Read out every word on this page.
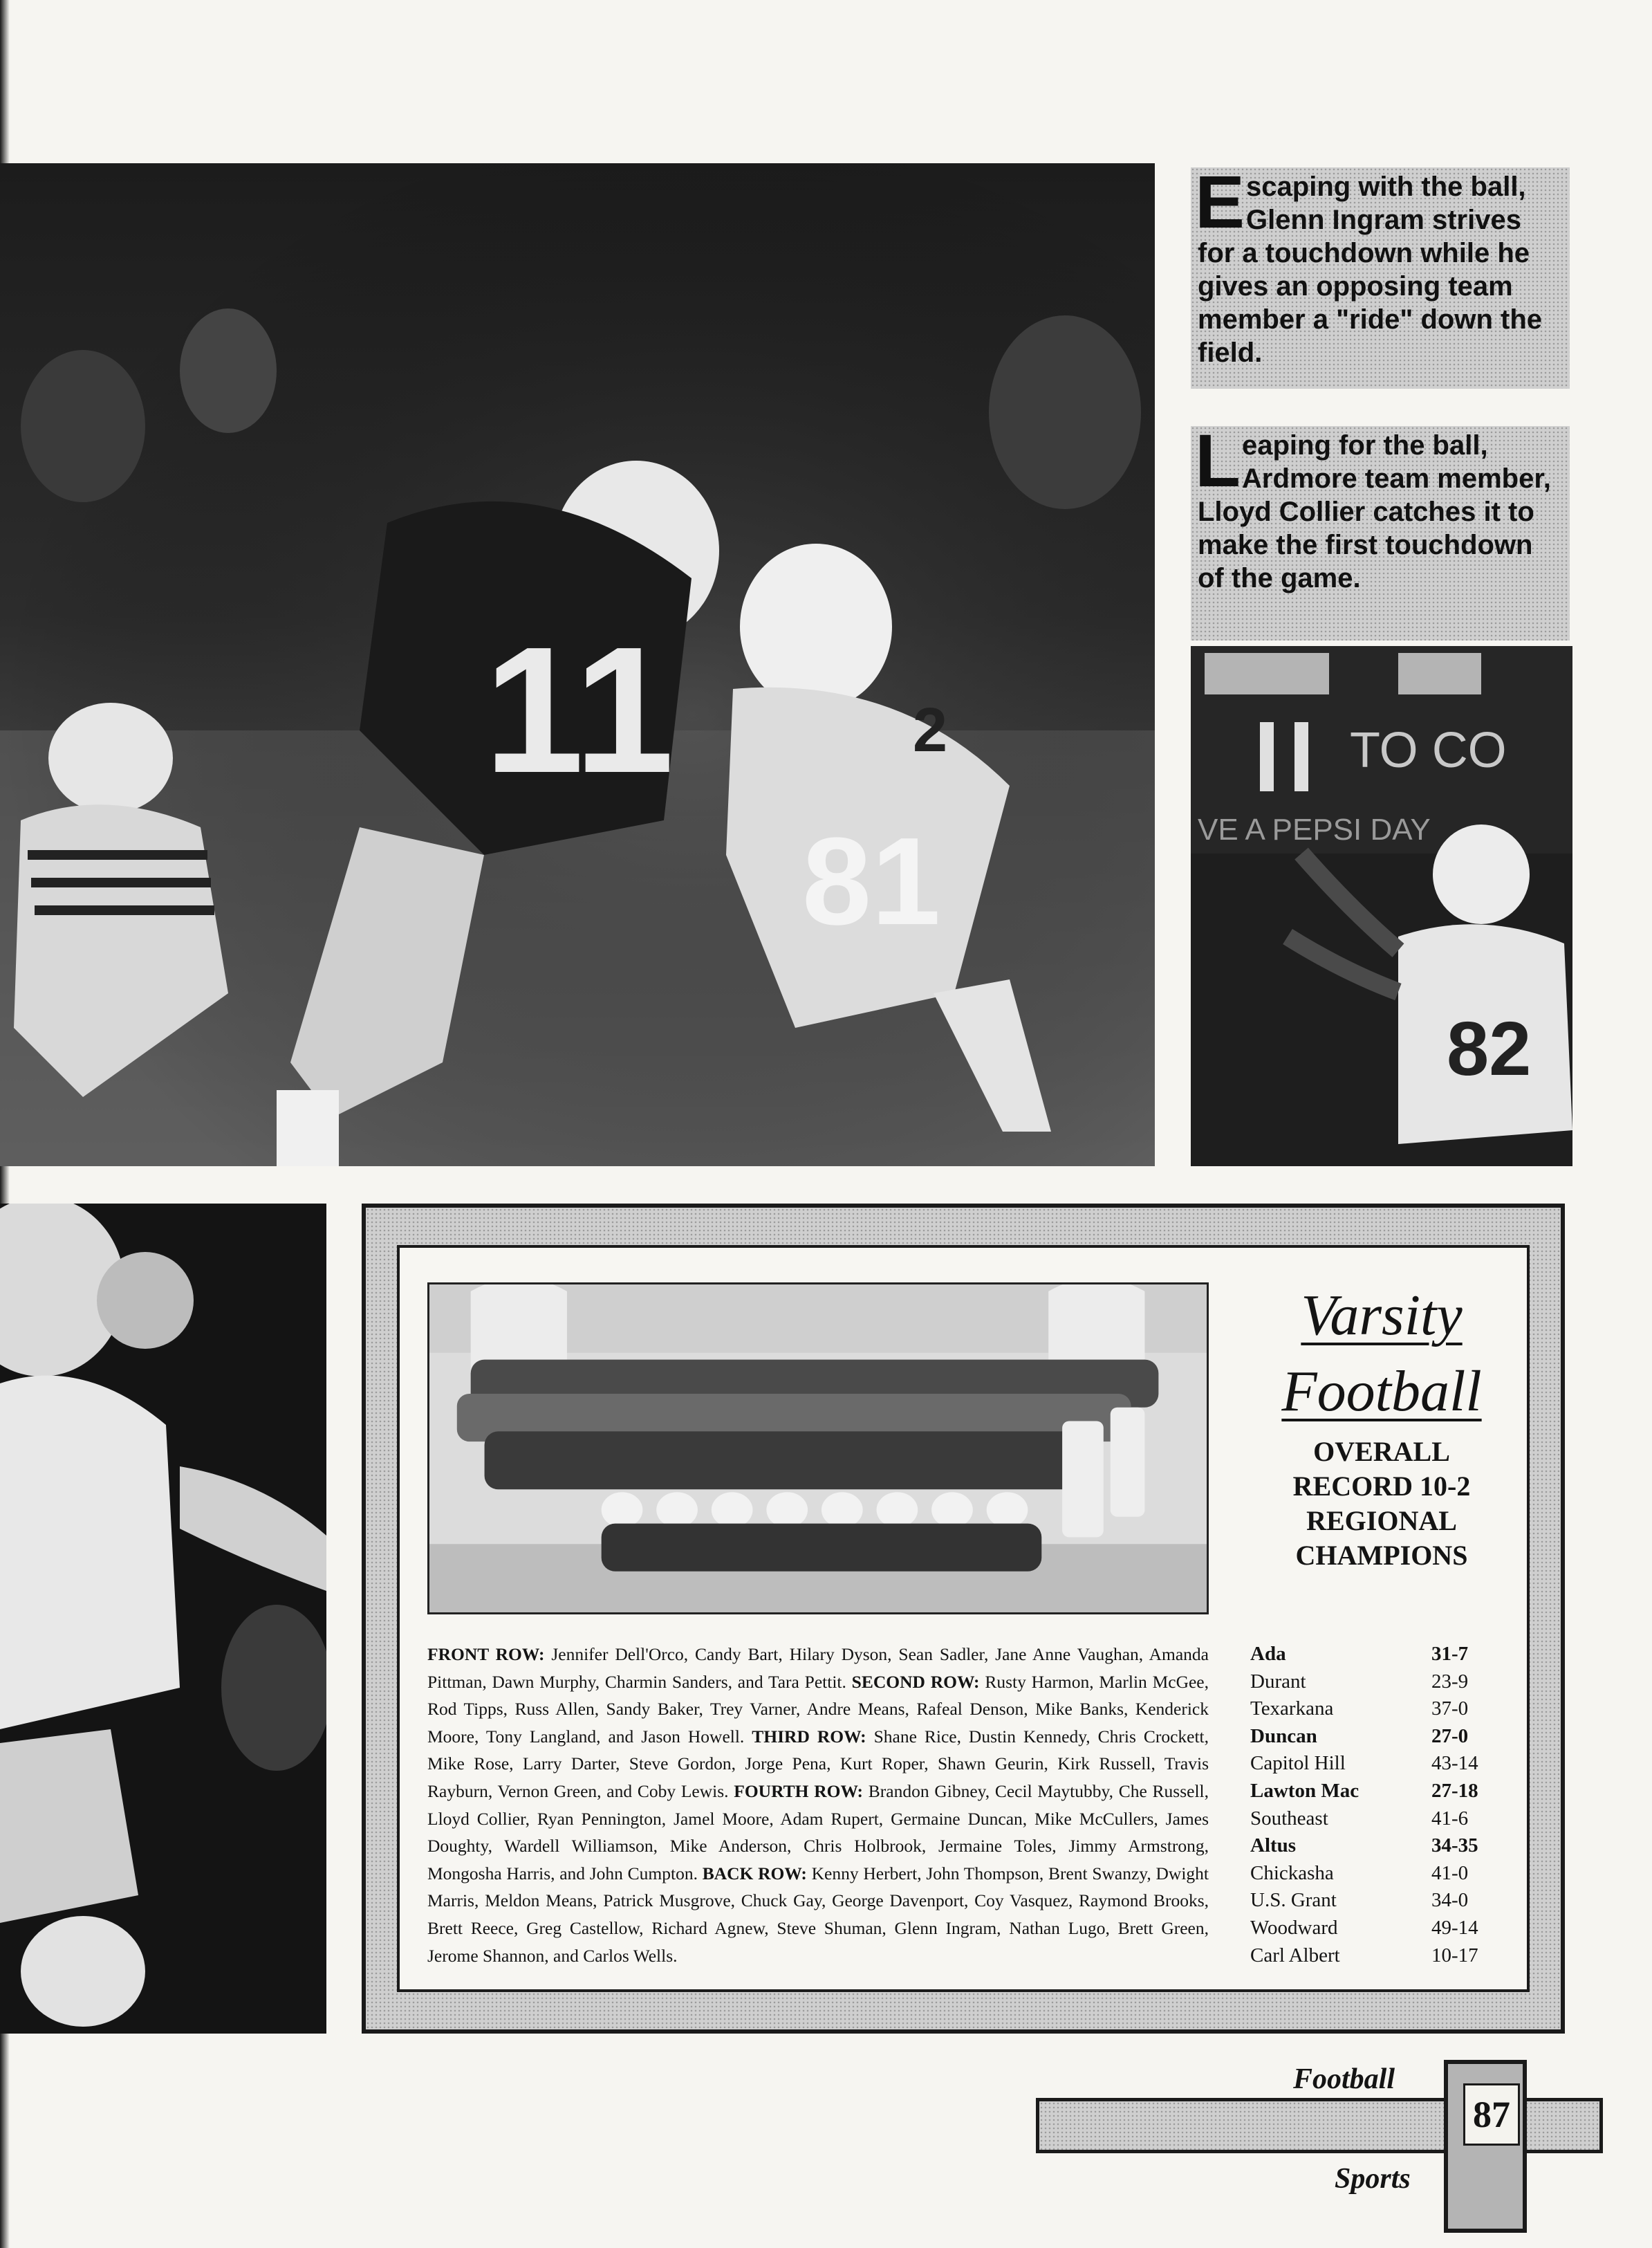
11
81
2
Escaping with the ball, Glenn Ingram strives for a touchdown while he gives an opposing team member a "ride" down the field.
Leaping for the ball, Ardmore team member, Lloyd Collier catches it to make the first touchdown of the game.
TO CO
VE A PEPSI DAY
82
Varsity
Football
OVERALL
RECORD 10-2
REGIONAL
CHAMPIONS
FRONT ROW: Jennifer Dell'Orco, Candy Bart, Hilary Dyson, Sean Sadler, Jane Anne Vaughan, Amanda Pittman, Dawn Murphy, Charmin Sanders, and Tara Pettit. SECOND ROW: Rusty Harmon, Marlin McGee, Rod Tipps, Russ Allen, Sandy Baker, Trey Varner, Andre Means, Rafeal Denson, Mike Banks, Kenderick Moore, Tony Langland, and Jason Howell. THIRD ROW: Shane Rice, Dustin Kennedy, Chris Crockett, Mike Rose, Larry Darter, Steve Gordon, Jorge Pena, Kurt Roper, Shawn Geurin, Kirk Russell, Travis Rayburn, Vernon Green, and Coby Lewis. FOURTH ROW: Brandon Gibney, Cecil Maytubby, Che Russell, Lloyd Collier, Ryan Pennington, Jamel Moore, Adam Rupert, Germaine Duncan, Mike McCullers, James Doughty, Wardell Williamson, Mike Anderson, Chris Holbrook, Jermaine Toles, Jimmy Armstrong, Mongosha Harris, and John Cumpton. BACK ROW: Kenny Herbert, John Thompson, Brent Swanzy, Dwight Marris, Meldon Means, Patrick Musgrove, Chuck Gay, George Davenport, Coy Vasquez, Raymond Brooks, Brett Reece, Greg Castellow, Richard Agnew, Steve Shuman, Glenn Ingram, Nathan Lugo, Brett Green, Jerome Shannon, and Carlos Wells.
Ada	31-7
Durant	23-9
Texarkana	37-0
Duncan	27-0
Capitol Hill	43-14
Lawton Mac	27-18
Southeast	41-6
Altus	34-35
Chickasha	41-0
U.S. Grant	34-0
Woodward	49-14
Carl Albert	10-17
Football
Sports
87
